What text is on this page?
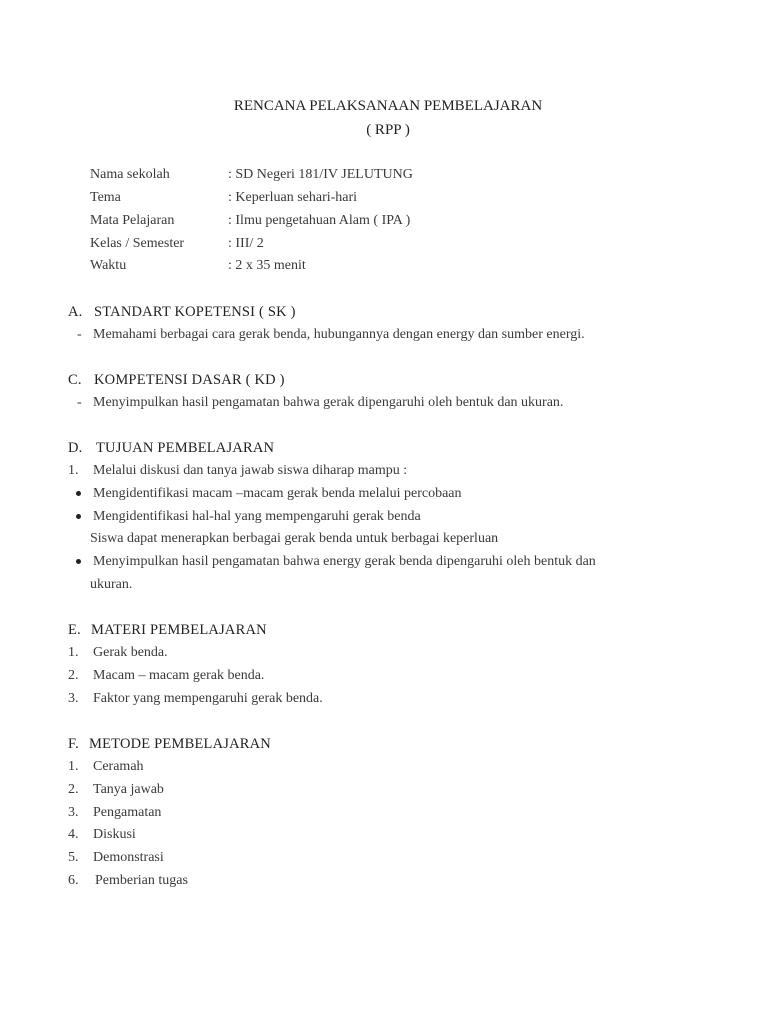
RENCANA PELAKSANAAN PEMBELAJARAN
( RPP )
Nama sekolah	: SD Negeri 181/IV JELUTUNG
Tema	: Keperluan sehari-hari
Mata Pelajaran	: Ilmu pengetahuan Alam ( IPA )
Kelas / Semester	: III/ 2
Waktu	: 2 x 35 menit
A. STANDART KOPETENSI ( SK )
- Memahami berbagai cara gerak benda, hubungannya dengan energy dan sumber energi.
C. KOMPETENSI DASAR ( KD )
- Menyimpulkan hasil pengamatan bahwa gerak dipengaruhi oleh bentuk dan ukuran.
D. TUJUAN PEMBELAJARAN
1. Melalui diskusi dan tanya jawab siswa diharap mampu :
Mengidentifikasi macam –macam gerak benda melalui percobaan
Mengidentifikasi hal-hal yang mempengaruhi gerak benda
Siswa dapat menerapkan berbagai gerak benda untuk berbagai keperluan
Menyimpulkan hasil pengamatan bahwa energy gerak benda dipengaruhi oleh bentuk dan
ukuran.
E. MATERI PEMBELAJARAN
1. Gerak benda.
2. Macam – macam gerak benda.
3. Faktor yang mempengaruhi gerak benda.
F. METODE PEMBELAJARAN
1. Ceramah
2. Tanya jawab
3. Pengamatan
4. Diskusi
5. Demonstrasi
6. Pemberian tugas
